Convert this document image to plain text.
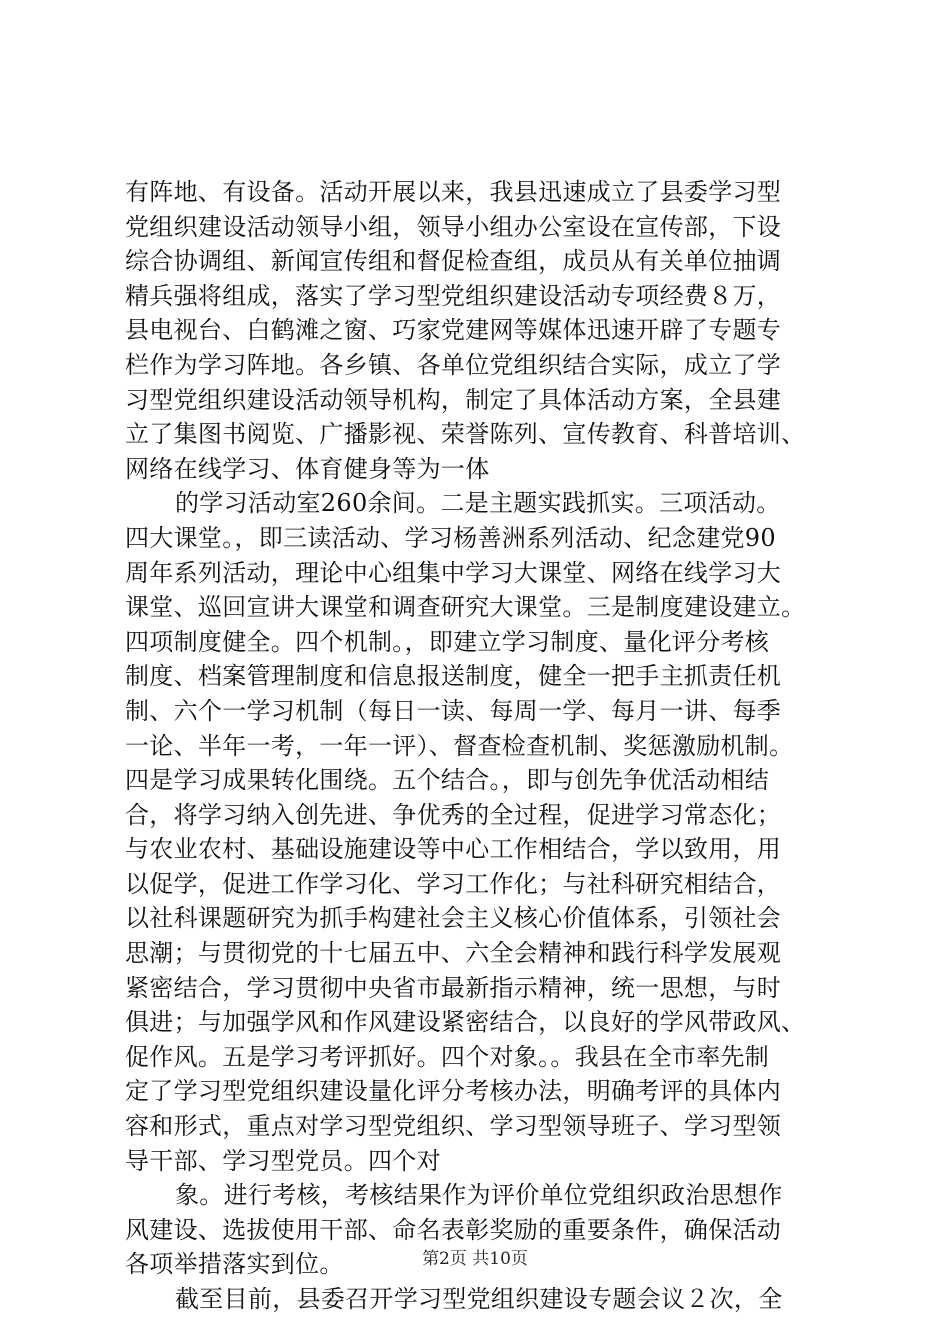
有阵地、有设备。活动开展以来，我县迅速成立了县委学习型
党组织建设活动领导小组，领导小组办公室设在宣传部，下设
综合协调组、新闻宣传组和督促检查组，成员从有关单位抽调
精兵强将组成，落实了学习型党组织建设活动专项经费８万，
县电视台、白鹤滩之窗、巧家党建网等媒体迅速开辟了专题专
栏作为学习阵地。各乡镇、各单位党组织结合实际，成立了学
习型党组织建设活动领导机构，制定了具体活动方案，全县建
立了集图书阅览、广播影视、荣誉陈列、宣传教育、科普培训、
网络在线学习、体育健身等为一体
的学习活动室260余间。二是主题实践抓实。三项活动。
四大课堂。，即三读活动、学习杨善洲系列活动、纪念建党90
周年系列活动，理论中心组集中学习大课堂、网络在线学习大
课堂、巡回宣讲大课堂和调查研究大课堂。三是制度建设建立。
四项制度健全。四个机制。，即建立学习制度、量化评分考核
制度、档案管理制度和信息报送制度，健全一把手主抓责任机
制、六个一学习机制（每日一读、每周一学、每月一讲、每季
一论、半年一考，一年一评）、督查检查机制、奖惩激励机制。
四是学习成果转化围绕。五个结合。，即与创先争优活动相结
合，将学习纳入创先进、争优秀的全过程，促进学习常态化；
与农业农村、基础设施建设等中心工作相结合，学以致用，用
以促学，促进工作学习化、学习工作化；与社科研究相结合，
以社科课题研究为抓手构建社会主义核心价值体系，引领社会
思潮；与贯彻党的十七届五中、六全会精神和践行科学发展观
紧密结合，学习贯彻中央省市最新指示精神，统一思想，与时
俱进；与加强学风和作风建设紧密结合，以良好的学风带政风、
促作风。五是学习考评抓好。四个对象。。我县在全市率先制
定了学习型党组织建设量化评分考核办法，明确考评的具体内
容和形式，重点对学习型党组织、学习型领导班子、学习型领
导干部、学习型党员。四个对
象。进行考核，考核结果作为评价单位党组织政治思想作
风建设、选拔使用干部、命名表彰奖励的重要条件，确保活动
各项举措落实到位。
截至目前，县委召开学习型党组织建设专题会议２次，全
第2页 共10页
